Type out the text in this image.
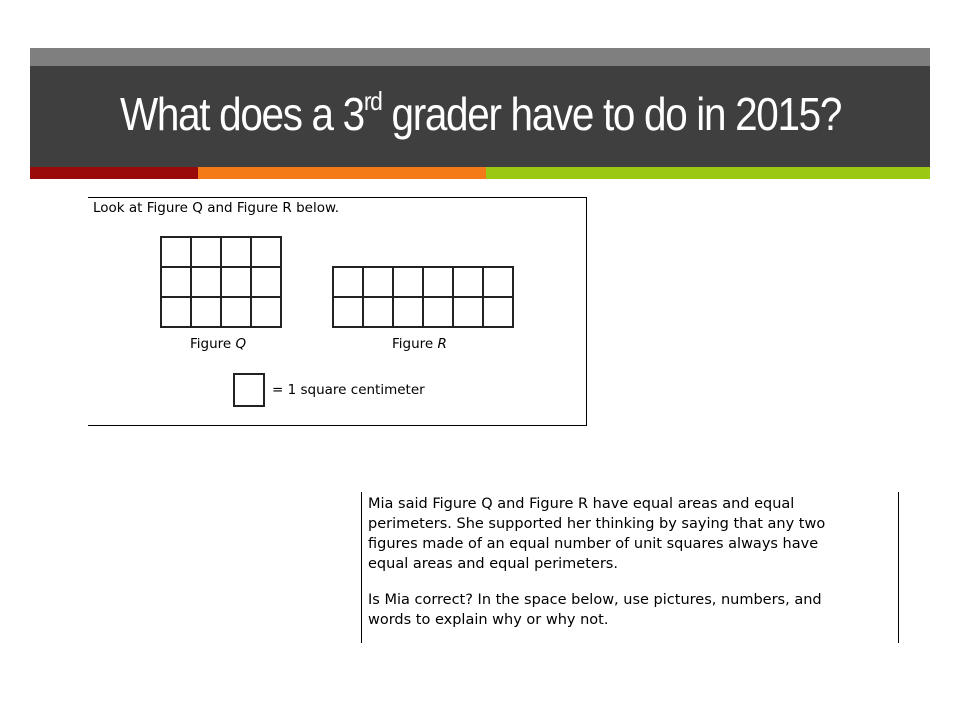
What does a 3rd grader have to do in 2015?
Look at Figure Q and Figure R below.
Figure Q	Figure R
= 1 square centimeter

Mia said Figure Q and Figure R have equal areas and equal
perimeters. She supported her thinking by saying that any two
figures made of an equal number of unit squares always have
equal areas and equal perimeters.

Is Mia correct? In the space below, use pictures, numbers, and
words to explain why or why not.
